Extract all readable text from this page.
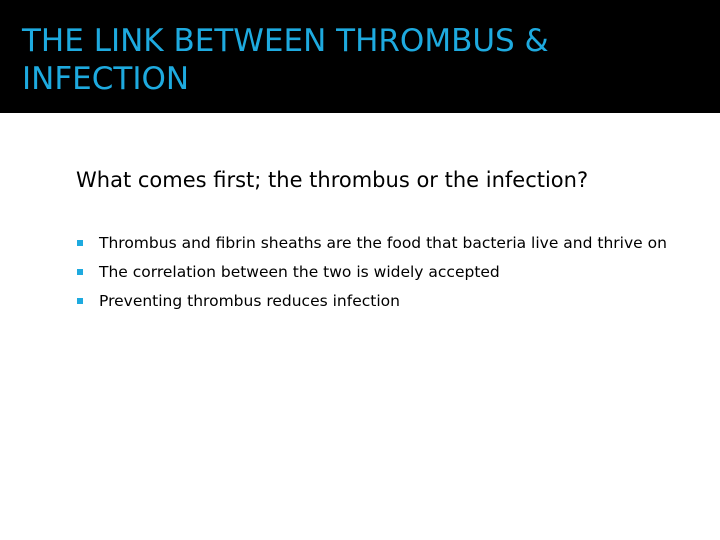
THE LINK BETWEEN THROMBUS & INFECTION
What comes first; the thrombus or the infection?
Thrombus and fibrin sheaths are the food that bacteria live and thrive on
The correlation between the two is widely accepted
Preventing thrombus reduces infection
